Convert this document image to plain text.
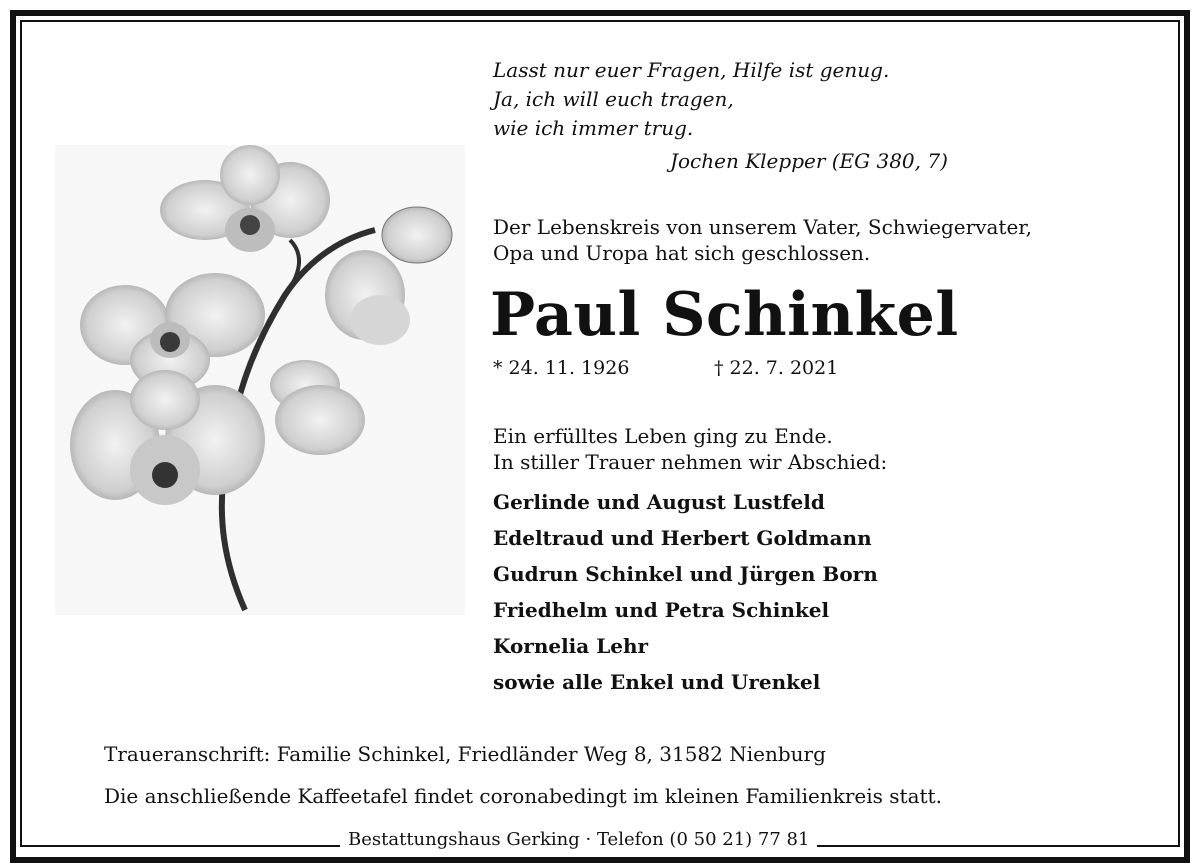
Lasst nur euer Fragen, Hilfe ist genug.
Ja, ich will euch tragen,
wie ich immer trug.
Jochen Klepper (EG 380, 7)
Der Lebenskreis von unserem Vater, Schwiegervater,
Opa und Uropa hat sich geschlossen.
Paul Schinkel
* 24. 11. 1926	† 22. 7. 2021
Ein erfülltes Leben ging zu Ende.
In stiller Trauer nehmen wir Abschied:
Gerlinde und August Lustfeld
Edeltraud und Herbert Goldmann
Gudrun Schinkel und Jürgen Born
Friedhelm und Petra Schinkel
Kornelia Lehr
sowie alle Enkel und Urenkel
Traueranschrift: Familie Schinkel, Friedländer Weg 8, 31582 Nienburg
Die anschließende Kaffeetafel findet coronabedingt im kleinen Familienkreis statt.
Bestattungshaus Gerking · Telefon (0 50 21) 77 81
